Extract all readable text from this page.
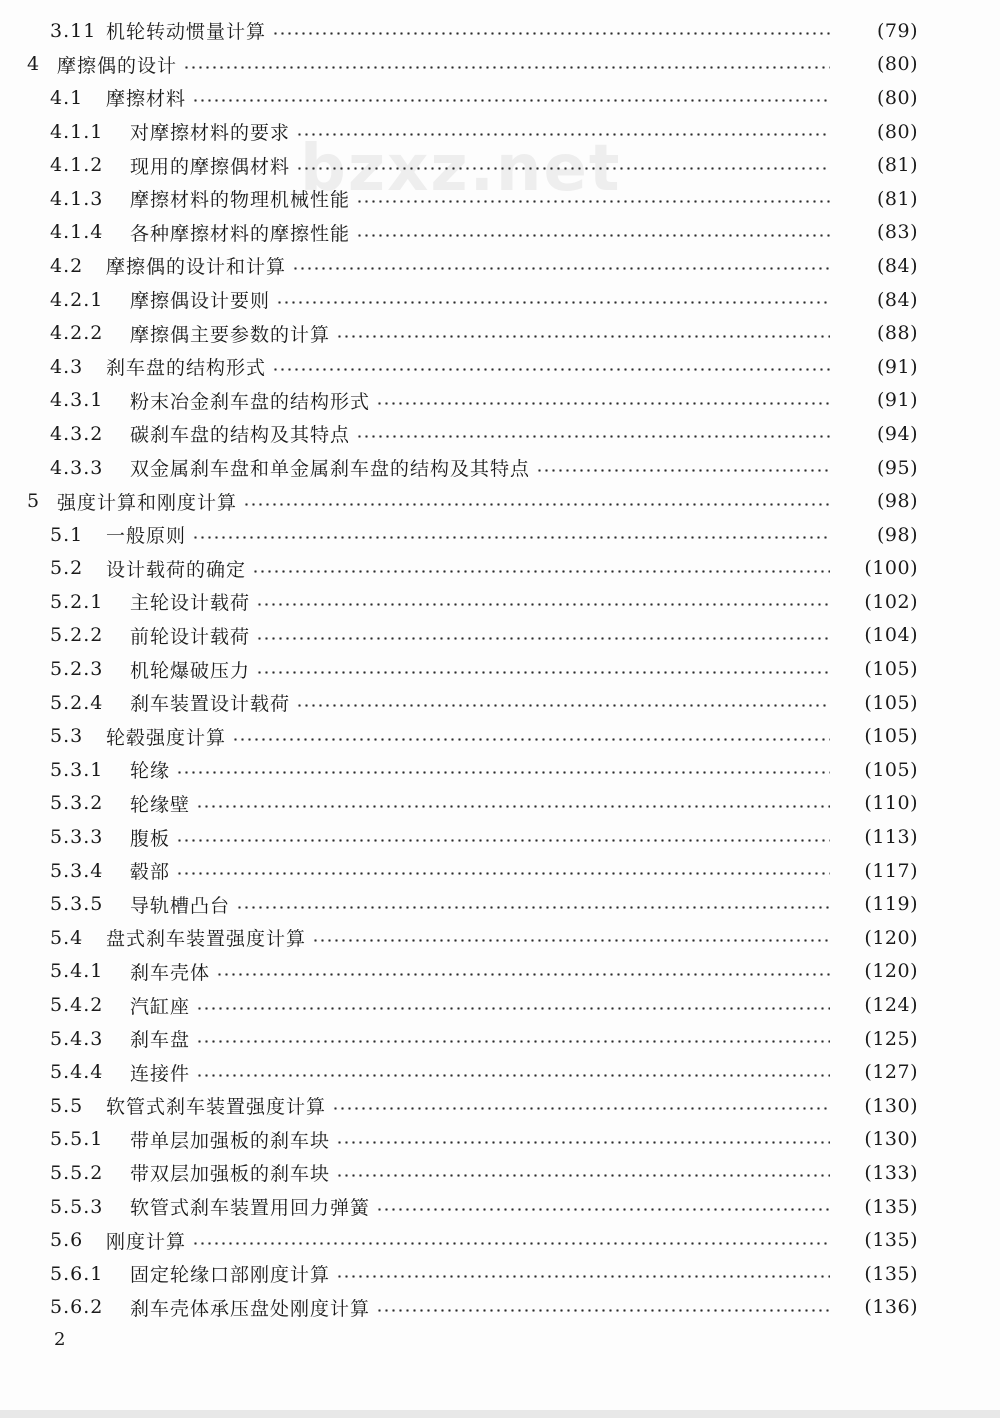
3.11 机轮转动惯量计算	(79)
4 摩擦偶的设计	(80)
4.1	摩擦材料	(80)
4.1.1	对摩擦材料的要求	(80)
4.1.2	现用的摩擦偶材料	(81)
4.1.3	摩擦材料的物理机械性能	(81)
4.1.4	各种摩擦材料的摩擦性能	(83)
4.2	摩擦偶的设计和计算	(84)
4.2.1	摩擦偶设计要则	(84)
4.2.2	摩擦偶主要参数的计算	(88)
4.3	刹车盘的结构形式	(91)
4.3.1	粉末冶金刹车盘的结构形式	(91)
4.3.2	碳刹车盘的结构及其特点	(94)
4.3.3	双金属刹车盘和单金属刹车盘的结构及其特点	(95)
5 强度计算和刚度计算	(98)
5.1	一般原则	(98)
5.2	设计载荷的确定	(100)
5.2.1	主轮设计载荷	(102)
5.2.2	前轮设计载荷	(104)
5.2.3	机轮爆破压力	(105)
5.2.4	刹车装置设计载荷	(105)
5.3	轮毂强度计算	(105)
5.3.1	轮缘	(105)
5.3.2	轮缘壁	(110)
5.3.3	腹板	(113)
5.3.4	毂部	(117)
5.3.5	导轨槽凸台	(119)
5.4	盘式刹车装置强度计算	(120)
5.4.1	刹车壳体	(120)
5.4.2	汽缸座	(124)
5.4.3	刹车盘	(125)
5.4.4	连接件	(127)
5.5	软管式刹车装置强度计算	(130)
5.5.1	带单层加强板的刹车块	(130)
5.5.2	带双层加强板的刹车块	(133)
5.5.3	软管式刹车装置用回力弹簧	(135)
5.6	刚度计算	(135)
5.6.1	固定轮缘口部刚度计算	(135)
5.6.2	刹车壳体承压盘处刚度计算	(136)
2
